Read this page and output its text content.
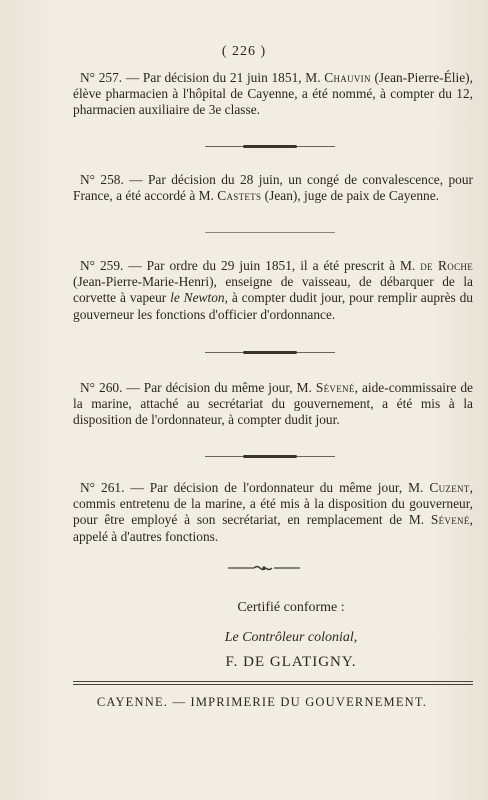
( 226 )

N° 257. — Par décision du 21 juin 1851, M. Chauvin (Jean-Pierre-Élie), élève pharmacien à l'hôpital de Cayenne, a été nommé, à compter du 12, pharmacien auxiliaire de 3e classe.

N° 258. — Par décision du 28 juin, un congé de convalescence, pour France, a été accordé à M. Castets (Jean), juge de paix de Cayenne.

N° 259. — Par ordre du 29 juin 1851, il a été prescrit à M. de Roche (Jean-Pierre-Marie-Henri), enseigne de vaisseau, de débarquer de la corvette à vapeur le Newton, à compter dudit jour, pour remplir auprès du gouverneur les fonctions d'officier d'ordonnance.

N° 260. — Par décision du même jour, M. Sévené, aide-commissaire de la marine, attaché au secrétariat du gouvernement, a été mis à la disposition de l'ordonnateur, à compter dudit jour.

N° 261. — Par décision de l'ordonnateur du même jour, M. Cuzent, commis entretenu de la marine, a été mis à la disposition du gouverneur, pour être employé à son secrétariat, en remplacement de M. Sévené, appelé à d'autres fonctions.

Certifié conforme :
Le Contrôleur colonial,
F. DE GLATIGNY.
CAYENNE. — IMPRIMERIE DU GOUVERNEMENT.
